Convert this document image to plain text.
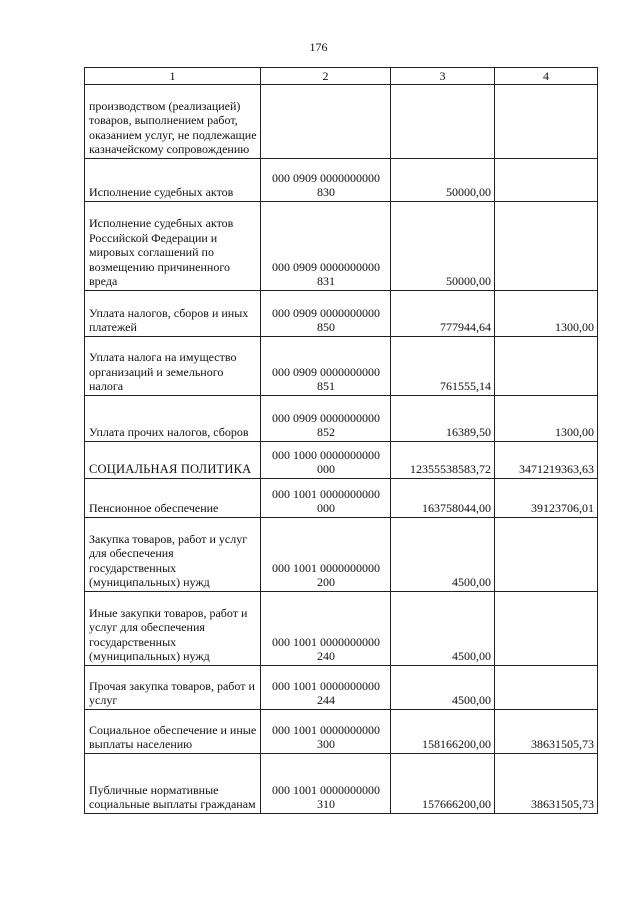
176
1	2	3	4
производством (реализацией) товаров, выполнением работ, оказанием услуг, не подлежащие казначейскому сопровождению			
Исполнение судебных актов	000 0909 0000000000 830	50000,00	
Исполнение судебных актов Российской Федерации и мировых соглашений по возмещению причиненного вреда	000 0909 0000000000 831	50000,00	
Уплата налогов, сборов и иных платежей	000 0909 0000000000 850	777944,64	1300,00
Уплата налога на имущество организаций и земельного налога	000 0909 0000000000 851	761555,14	
Уплата прочих налогов, сборов	000 0909 0000000000 852	16389,50	1300,00
СОЦИАЛЬНАЯ ПОЛИТИКА	000 1000 0000000000 000	12355538583,72	3471219363,63
Пенсионное обеспечение	000 1001 0000000000 000	163758044,00	39123706,01
Закупка товаров, работ и услуг для обеспечения государственных (муниципальных) нужд	000 1001 0000000000 200	4500,00	
Иные закупки товаров, работ и услуг для обеспечения государственных (муниципальных) нужд	000 1001 0000000000 240	4500,00	
Прочая закупка товаров, работ и услуг	000 1001 0000000000 244	4500,00	
Социальное обеспечение и иные выплаты населению	000 1001 0000000000 300	158166200,00	38631505,73
Публичные нормативные социальные выплаты гражданам	000 1001 0000000000 310	157666200,00	38631505,73
